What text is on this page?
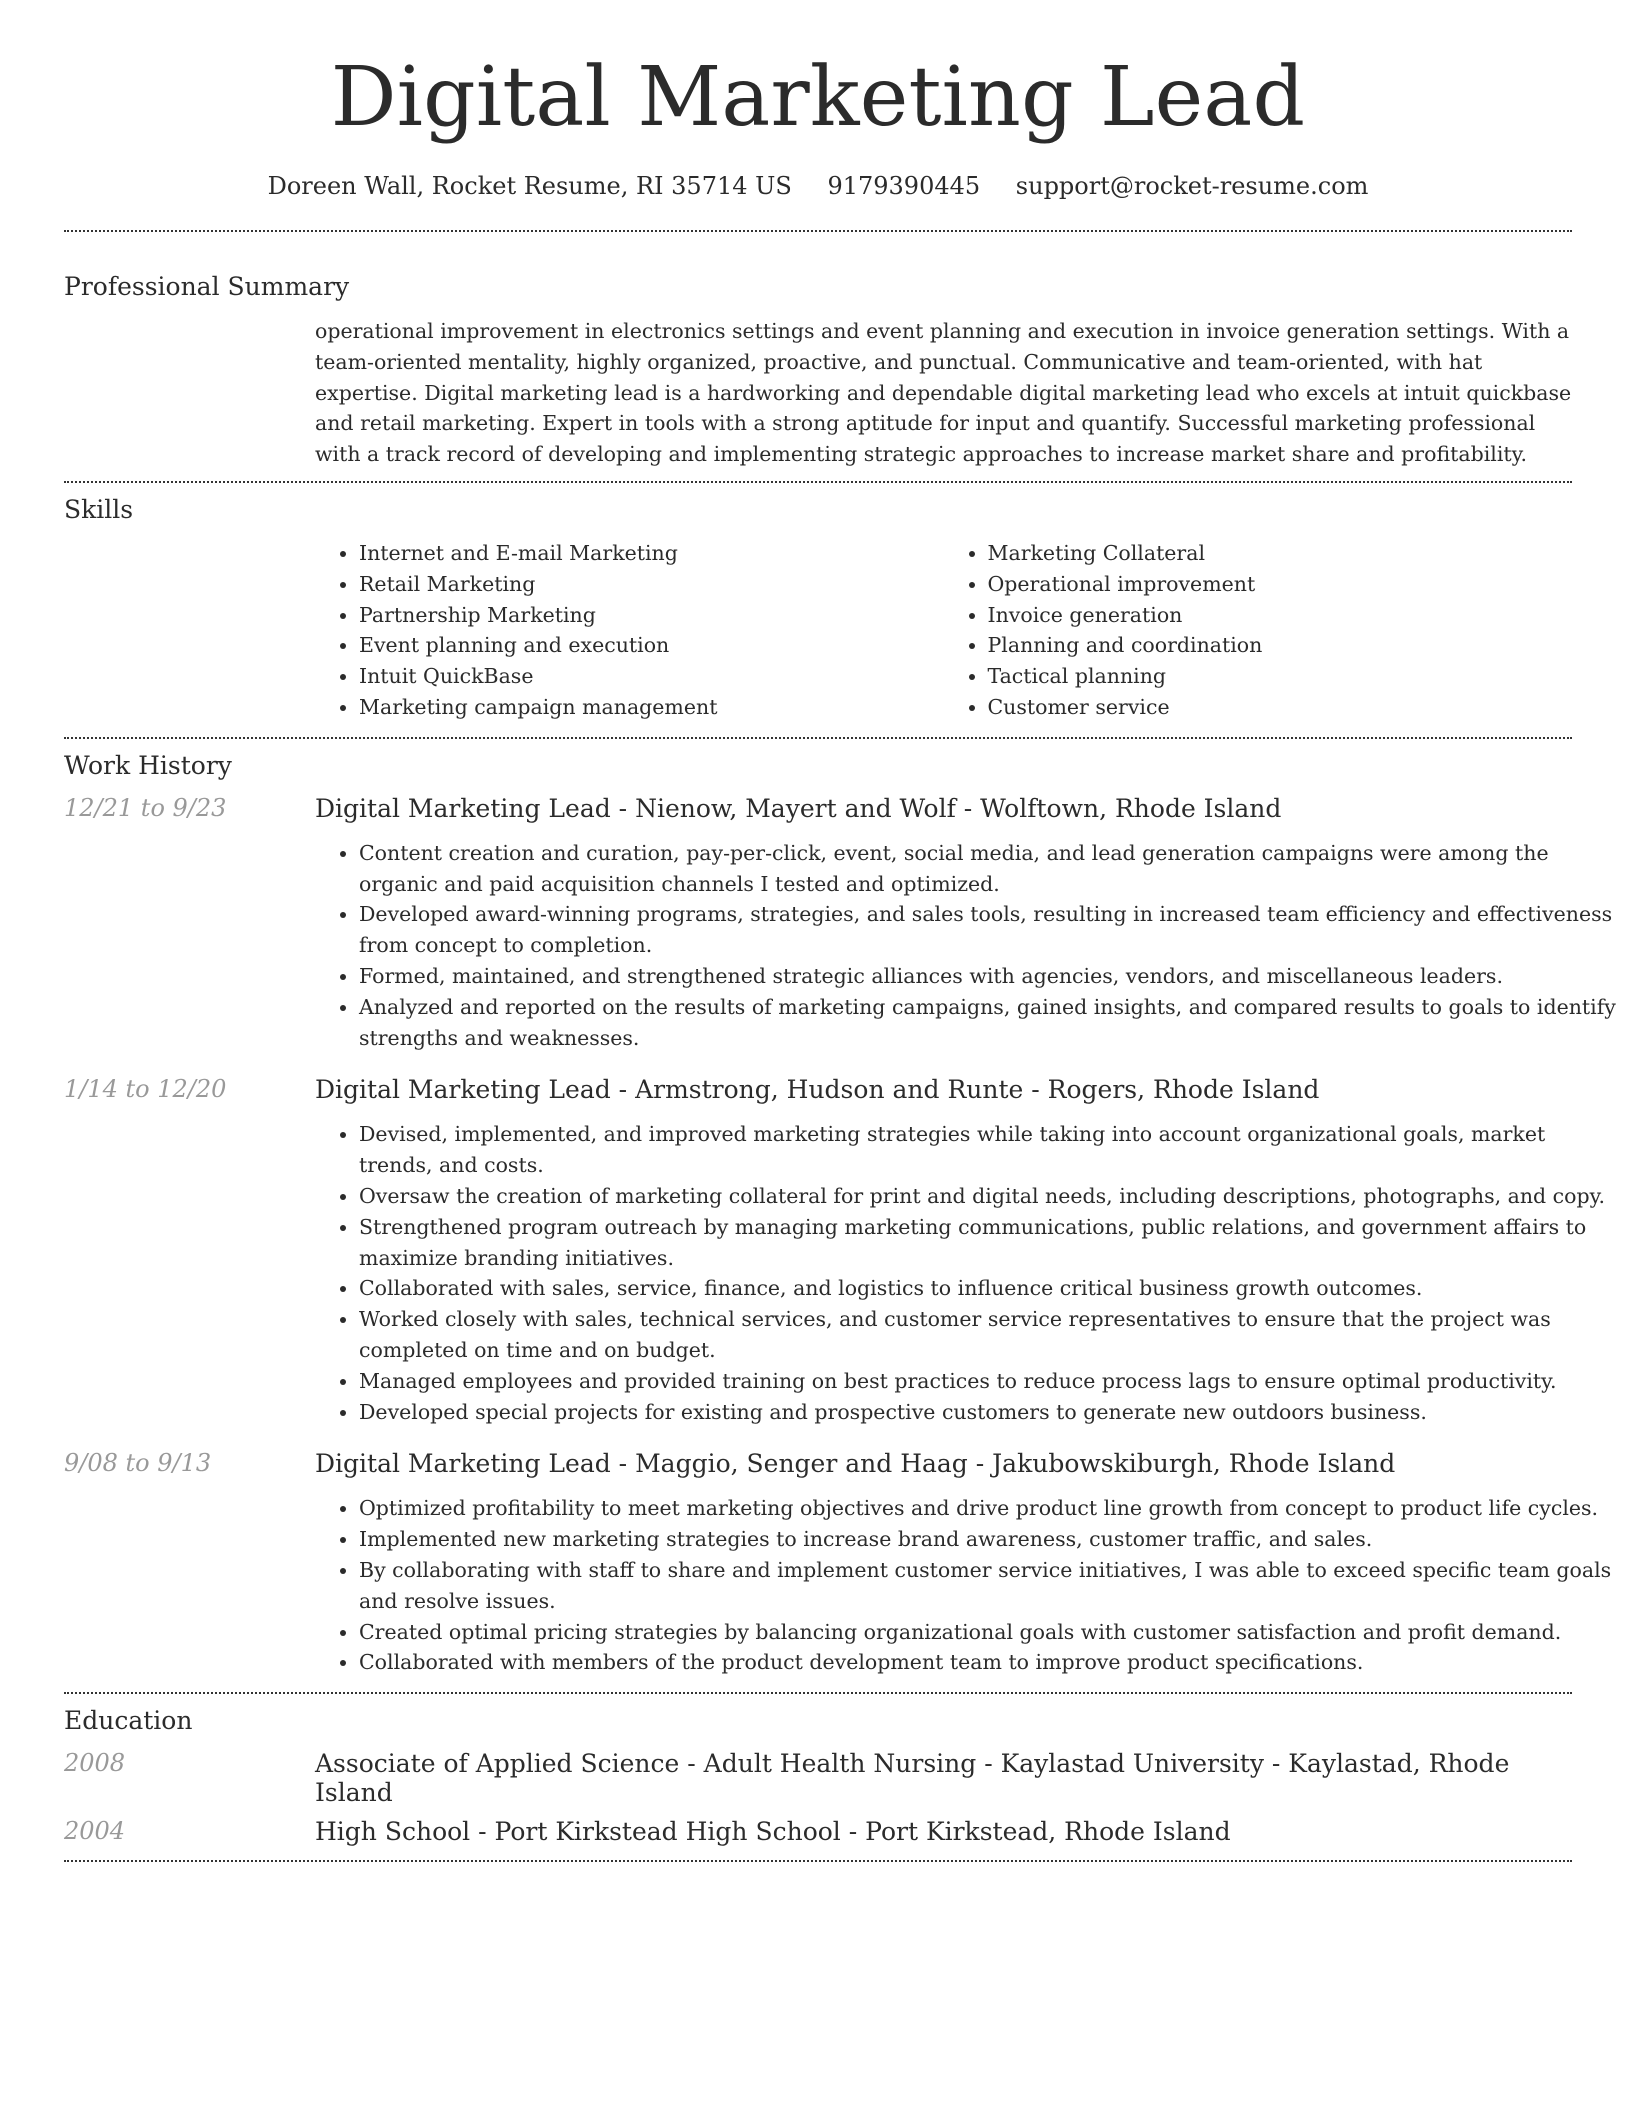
Digital Marketing Lead
Doreen Wall, Rocket Resume, RI 35714 US 9179390445 support@rocket-resume.com
Professional Summary
operational improvement in electronics settings and event planning and execution in invoice generation settings. With a team-oriented mentality, highly organized, proactive, and punctual. Communicative and team-oriented, with hat expertise. Digital marketing lead is a hardworking and dependable digital marketing lead who excels at intuit quickbase and retail marketing. Expert in tools with a strong aptitude for input and quantify. Successful marketing professional with a track record of developing and implementing strategic approaches to increase market share and profitability.
Skills
• Internet and E-mail Marketing
• Retail Marketing
• Partnership Marketing
• Event planning and execution
• Intuit QuickBase
• Marketing campaign management
• Marketing Collateral
• Operational improvement
• Invoice generation
• Planning and coordination
• Tactical planning
• Customer service
Work History
12/21 to 9/23	Digital Marketing Lead - Nienow, Mayert and Wolf - Wolftown, Rhode Island
• Content creation and curation, pay-per-click, event, social media, and lead generation campaigns were among the organic and paid acquisition channels I tested and optimized.
• Developed award-winning programs, strategies, and sales tools, resulting in increased team efficiency and effectiveness from concept to completion.
• Formed, maintained, and strengthened strategic alliances with agencies, vendors, and miscellaneous leaders.
• Analyzed and reported on the results of marketing campaigns, gained insights, and compared results to goals to identify strengths and weaknesses.
1/14 to 12/20	Digital Marketing Lead - Armstrong, Hudson and Runte - Rogers, Rhode Island
• Devised, implemented, and improved marketing strategies while taking into account organizational goals, market trends, and costs.
• Oversaw the creation of marketing collateral for print and digital needs, including descriptions, photographs, and copy.
• Strengthened program outreach by managing marketing communications, public relations, and government affairs to maximize branding initiatives.
• Collaborated with sales, service, finance, and logistics to influence critical business growth outcomes.
• Worked closely with sales, technical services, and customer service representatives to ensure that the project was completed on time and on budget.
• Managed employees and provided training on best practices to reduce process lags to ensure optimal productivity.
• Developed special projects for existing and prospective customers to generate new outdoors business.
9/08 to 9/13	Digital Marketing Lead - Maggio, Senger and Haag - Jakubowskiburgh, Rhode Island
• Optimized profitability to meet marketing objectives and drive product line growth from concept to product life cycles.
• Implemented new marketing strategies to increase brand awareness, customer traffic, and sales.
• By collaborating with staff to share and implement customer service initiatives, I was able to exceed specific team goals and resolve issues.
• Created optimal pricing strategies by balancing organizational goals with customer satisfaction and profit demand.
• Collaborated with members of the product development team to improve product specifications.
Education
2008	Associate of Applied Science - Adult Health Nursing - Kaylastad University - Kaylastad, Rhode Island
2004	High School - Port Kirkstead High School - Port Kirkstead, Rhode Island
